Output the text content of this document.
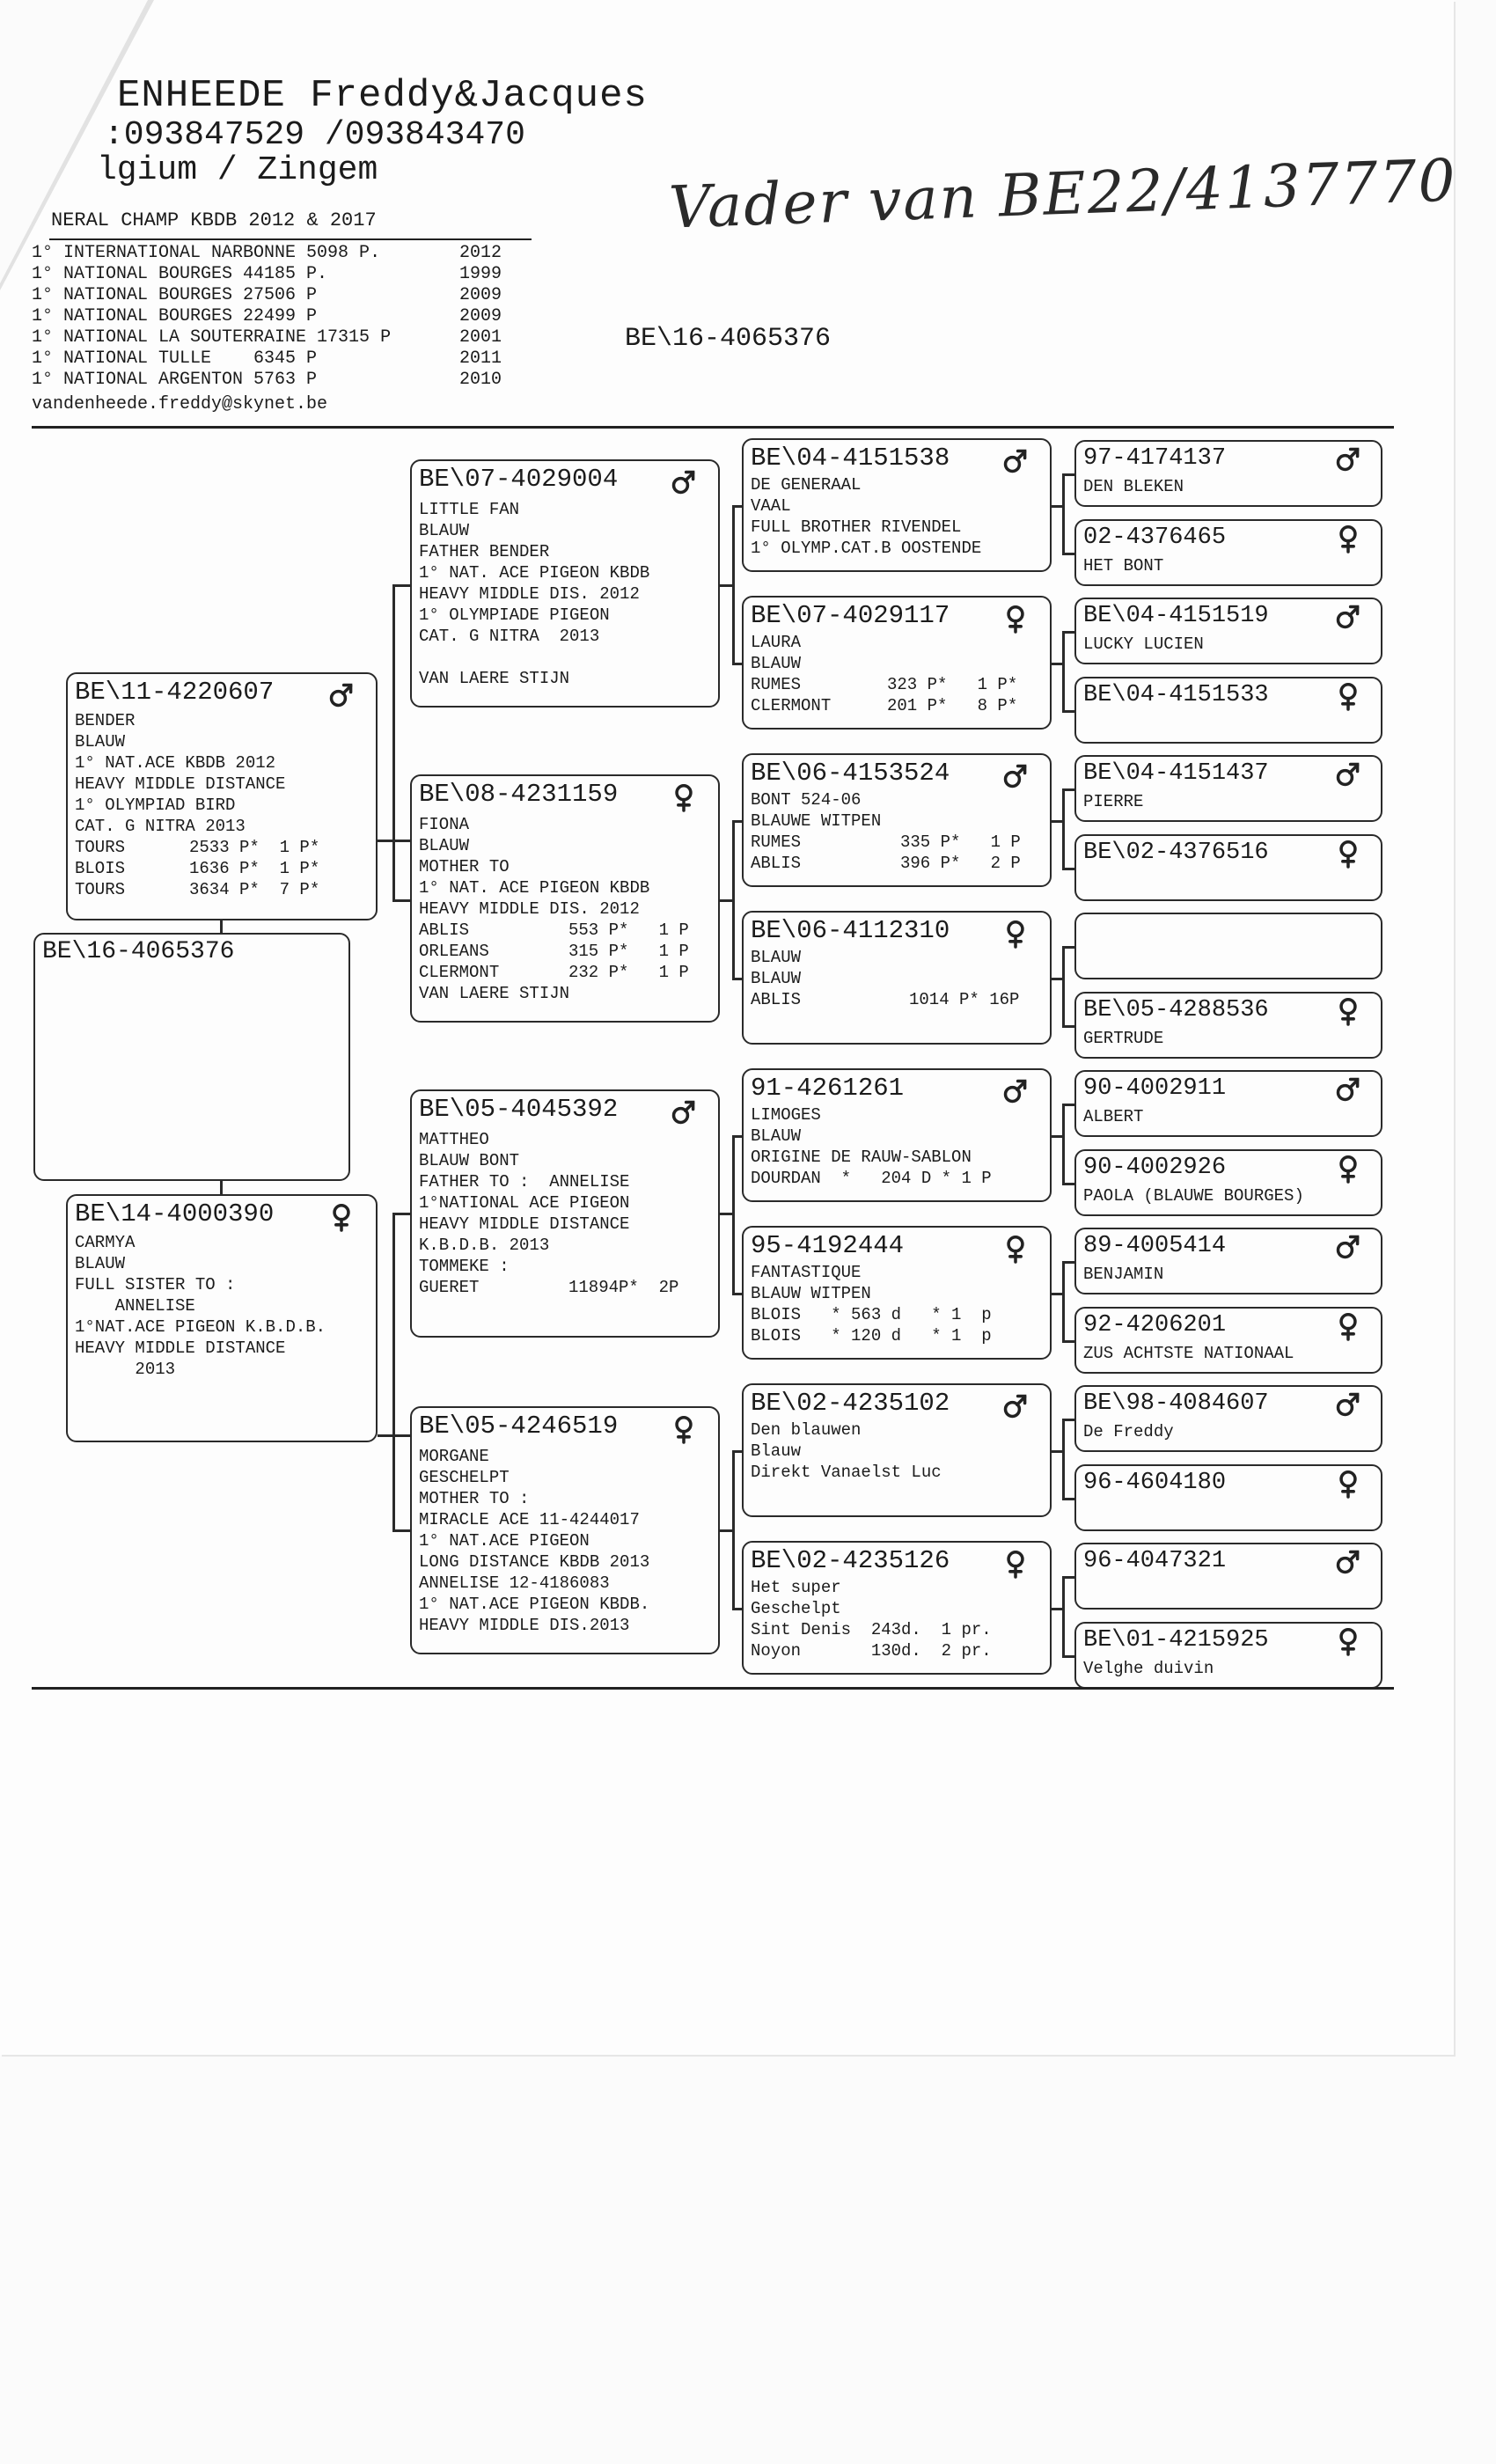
ENHEEDE Freddy&Jacques
:093847529 /093843470
lgium / Zingem
NERAL CHAMP KBDB 2012 & 2017
1° INTERNATIONAL NARBONNE 5098 P.	2012
1° NATIONAL BOURGES 44185 P.	1999
1° NATIONAL BOURGES 27506 P	2009
1° NATIONAL BOURGES 22499 P	2009
1° NATIONAL LA SOUTERRAINE 17315 P	2001
1° NATIONAL TULLE    6345 P	2011
1° NATIONAL ARGENTON 5763 P	2010
vandenheede.freddy@skynet.be
Vader van BE22/4137770
BE\16-4065376
BE\16-4065376
BE\11-4220607
BENDER
BLAUW
1° NAT.ACE KBDB 2012
HEAVY MIDDLE DISTANCE
1° OLYMPIAD BIRD
CAT. G NITRA 2013
TOURS	2533 P*  1 P*
BLOIS	1636 P*  1 P*
TOURS	3634 P*  7 P*
BE\14-4000390
CARMYA
BLAUW
FULL SISTER TO :
ANNELISE
1°NAT.ACE PIGEON K.B.D.B.
HEAVY MIDDLE DISTANCE
2013
BE\07-4029004
LITTLE FAN
BLAUW
FATHER BENDER
1° NAT. ACE PIGEON KBDB
HEAVY MIDDLE DIS. 2012
1° OLYMPIADE PIGEON
CAT. G NITRA  2013
VAN LAERE STIJN
BE\08-4231159
FIONA
BLAUW
MOTHER TO
1° NAT. ACE PIGEON KBDB
HEAVY MIDDLE DIS. 2012
ABLIS	553 P*   1 P
ORLEANS	315 P*   1 P
CLERMONT	232 P*   1 P
VAN LAERE STIJN
BE\05-4045392
MATTHEO
BLAUW BONT
FATHER TO :  ANNELISE
1°NATIONAL ACE PIGEON
HEAVY MIDDLE DISTANCE
K.B.D.B. 2013
TOMMEKE :
GUERET	11894P*  2P
BE\05-4246519
MORGANE
GESCHELPT
MOTHER TO :
MIRACLE ACE 11-4244017
1° NAT.ACE PIGEON
LONG DISTANCE KBDB 2013
ANNELISE 12-4186083
1° NAT.ACE PIGEON KBDB.
HEAVY MIDDLE DIS.2013
BE\04-4151538
DE GENERAAL
VAAL
FULL BROTHER RIVENDEL
1° OLYMP.CAT.B OOSTENDE
BE\07-4029117
LAURA
BLAUW
RUMES	323 P*   1 P*
CLERMONT	201 P*   8 P*
BE\06-4153524
BONT 524-06
BLAUWE WITPEN
RUMES	335 P*   1 P
ABLIS	396 P*   2 P
BE\06-4112310
BLAUW
BLAUW
ABLIS	1014 P* 16P
91-4261261
LIMOGES
BLAUW
ORIGINE DE RAUW-SABLON
DOURDAN  *   204 D * 1 P
95-4192444
FANTASTIQUE
BLAUW WITPEN
BLOIS   * 563 d   * 1  p
BLOIS   * 120 d   * 1  p
BE\02-4235102
Den blauwen
Blauw
Direkt Vanaelst Luc
BE\02-4235126
Het super
Geschelpt
Sint Denis  243d.  1 pr.
Noyon       130d.  2 pr.
97-4174137
DEN BLEKEN
02-4376465
HET BONT
BE\04-4151519
LUCKY LUCIEN
BE\04-4151533
BE\04-4151437
PIERRE
BE\02-4376516
BE\05-4288536
GERTRUDE
90-4002911
ALBERT
90-4002926
PAOLA (BLAUWE BOURGES)
89-4005414
BENJAMIN
92-4206201
ZUS ACHTSTE NATIONAAL
BE\98-4084607
De Freddy
96-4604180
96-4047321
BE\01-4215925
Velghe duivin
